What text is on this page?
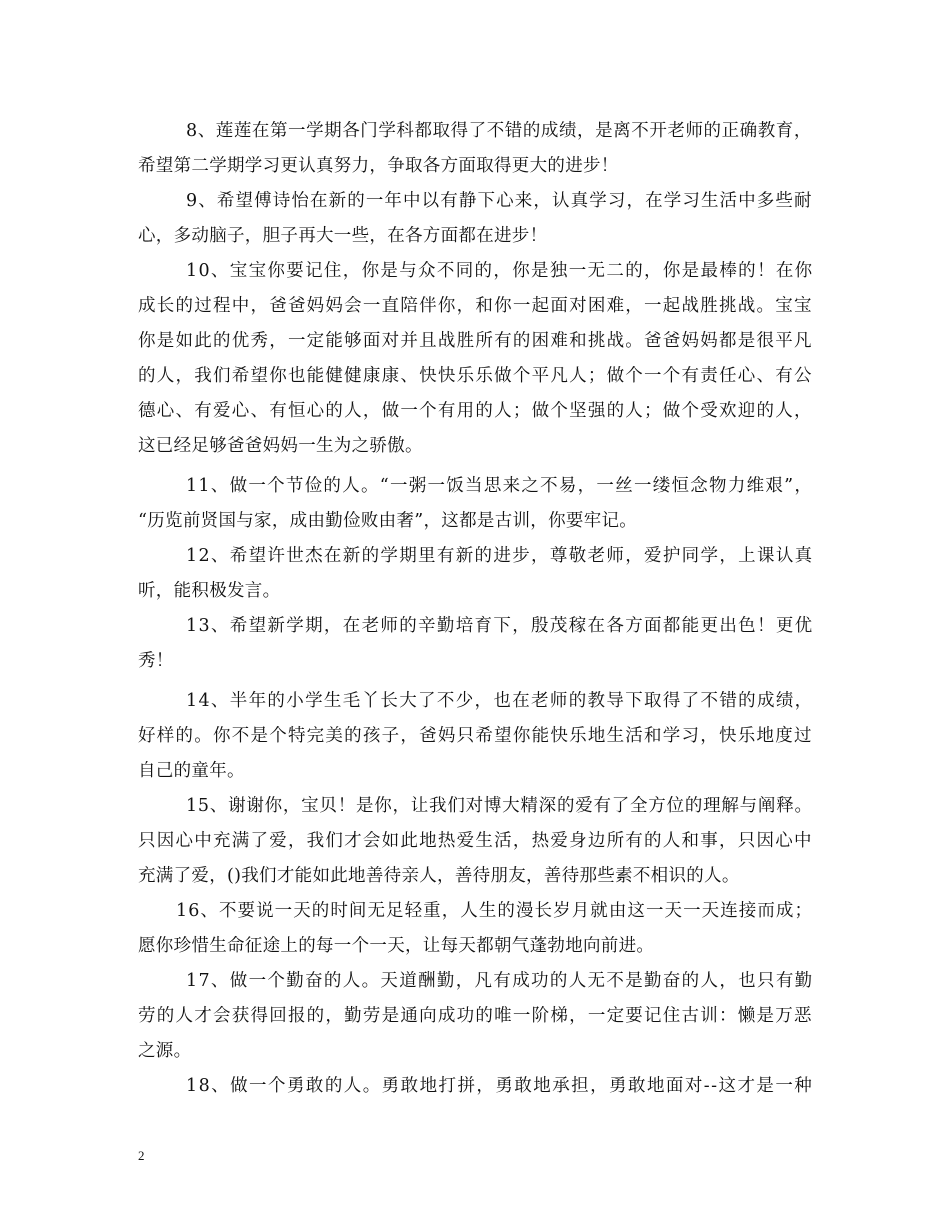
8、莲莲在第一学期各门学科都取得了不错的成绩，是离不开老师的正确教育，
希望第二学期学习更认真努力，争取各方面取得更大的进步！
9、希望傅诗怡在新的一年中以有静下心来，认真学习，在学习生活中多些耐
心，多动脑子，胆子再大一些，在各方面都在进步！
10、宝宝你要记住，你是与众不同的，你是独一无二的，你是最棒的！在你
成长的过程中，爸爸妈妈会一直陪伴你，和你一起面对困难，一起战胜挑战。宝宝
你是如此的优秀，一定能够面对并且战胜所有的困难和挑战。爸爸妈妈都是很平凡
的人，我们希望你也能健健康康、快快乐乐做个平凡人；做个一个有责任心、有公
德心、有爱心、有恒心的人，做一个有用的人；做个坚强的人；做个受欢迎的人，
这已经足够爸爸妈妈一生为之骄傲。
11、做一个节俭的人。“一粥一饭当思来之不易，一丝一缕恒念物力维艰”，
“历览前贤国与家，成由勤俭败由奢”，这都是古训，你要牢记。
12、希望许世杰在新的学期里有新的进步，尊敬老师，爱护同学，上课认真
听，能积极发言。
13、希望新学期，在老师的辛勤培育下，殷茂稼在各方面都能更出色！更优
秀！
14、半年的小学生毛丫长大了不少，也在老师的教导下取得了不错的成绩，
好样的。你不是个特完美的孩子，爸妈只希望你能快乐地生活和学习，快乐地度过
自己的童年。
15、谢谢你，宝贝！是你，让我们对博大精深的爱有了全方位的理解与阐释。
只因心中充满了爱，我们才会如此地热爱生活，热爱身边所有的人和事，只因心中
充满了爱，()我们才能如此地善待亲人，善待朋友，善待那些素不相识的人。
16、不要说一天的时间无足轻重，人生的漫长岁月就由这一天一天连接而成；
愿你珍惜生命征途上的每一个一天，让每天都朝气蓬勃地向前进。
17、做一个勤奋的人。天道酬勤，凡有成功的人无不是勤奋的人，也只有勤
劳的人才会获得回报的，勤劳是通向成功的唯一阶梯，一定要记住古训：懒是万恶
之源。
18、做一个勇敢的人。勇敢地打拼，勇敢地承担，勇敢地面对--这才是一种
2
